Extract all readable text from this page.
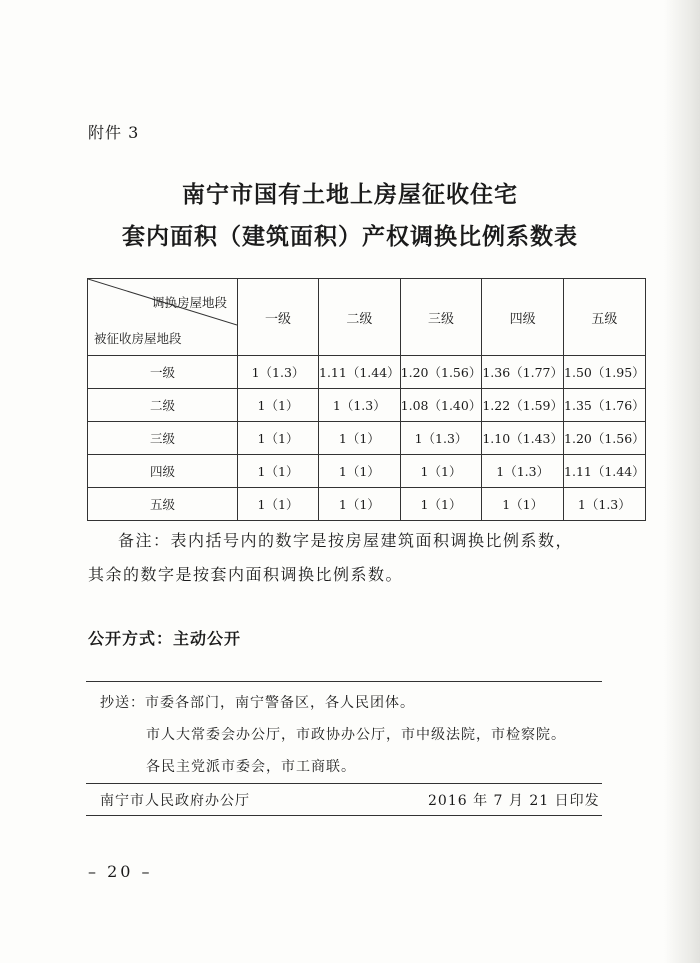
附件 3
南宁市国有土地上房屋征收住宅
套内面积（建筑面积）产权调换比例系数表
调换房屋地段
被征收房屋地段	一级	二级	三级	四级	五级
一级	1（1.3）	1.11（1.44）	1.20（1.56）	1.36（1.77）	1.50（1.95）
二级	1（1）	1（1.3）	1.08（1.40）	1.22（1.59）	1.35（1.76）
三级	1（1）	1（1）	1（1.3）	1.10（1.43）	1.20（1.56）
四级	1（1）	1（1）	1（1）	1（1.3）	1.11（1.44）
五级	1（1）	1（1）	1（1）	1（1）	1（1.3）
备注：表内括号内的数字是按房屋建筑面积调换比例系数，
其余的数字是按套内面积调换比例系数。
公开方式：主动公开
抄送：市委各部门，南宁警备区，各人民团体。
市人大常委会办公厅，市政协办公厅，市中级法院，市检察院。
各民主党派市委会，市工商联。
南宁市人民政府办公厅	2016 年 7 月 21 日印发
– 20 –
